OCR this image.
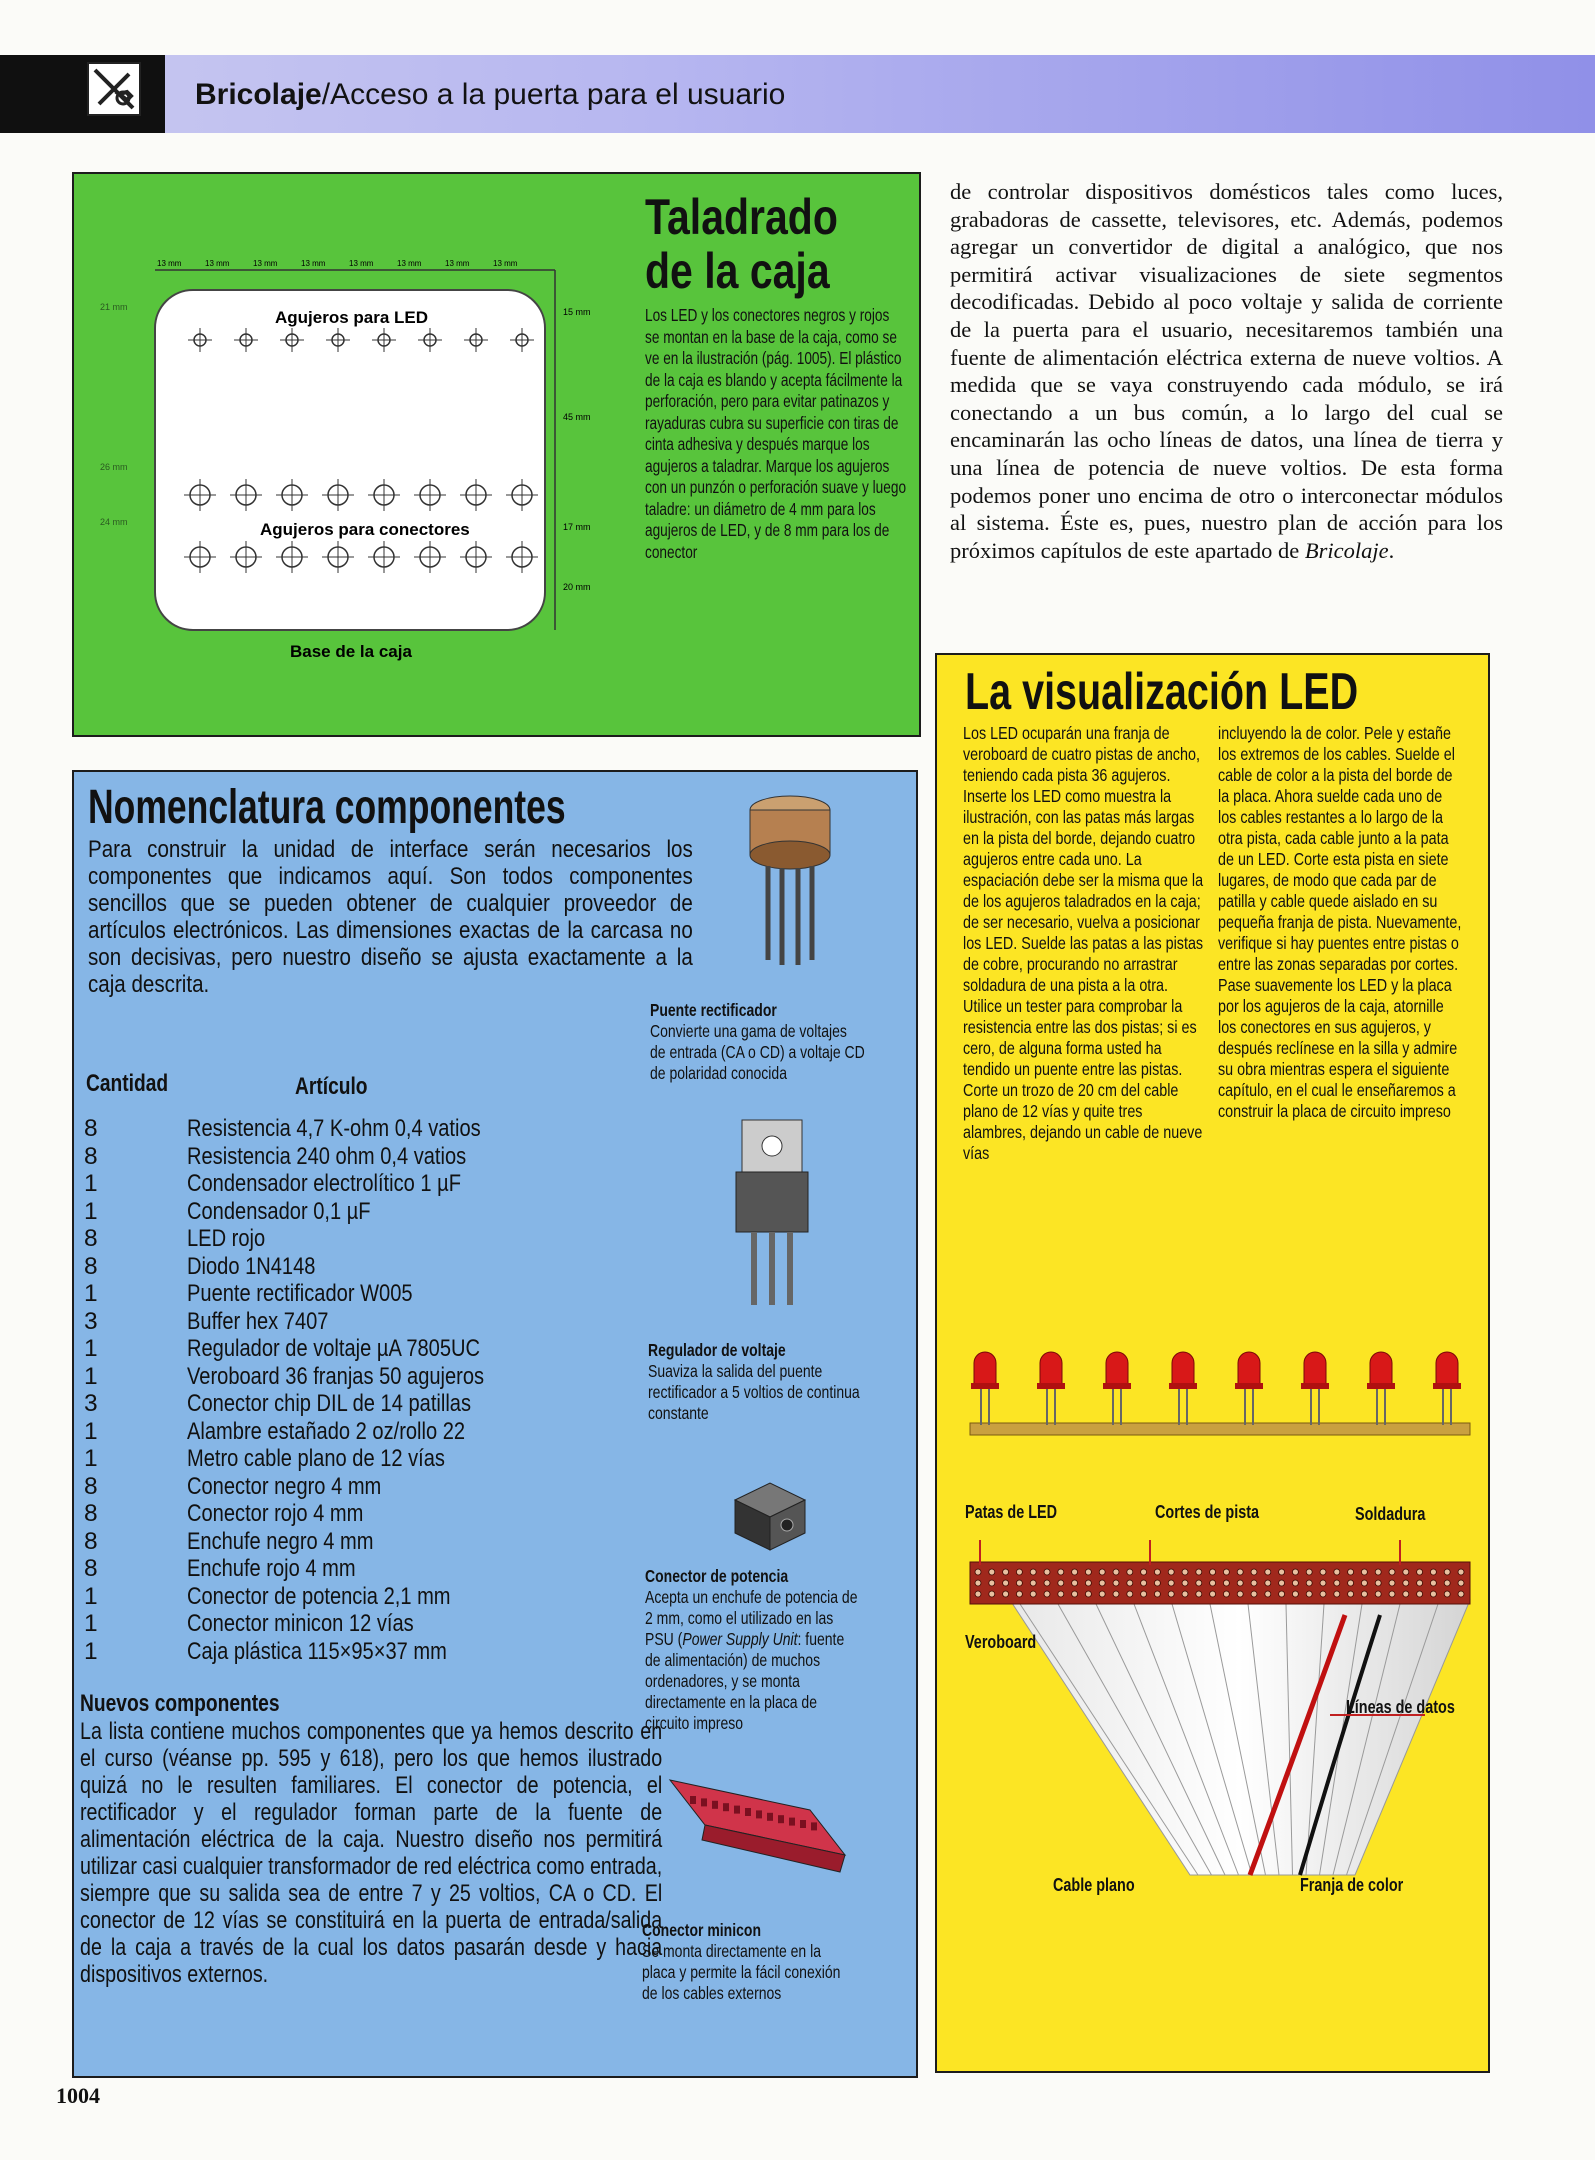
Bricolaje/Acceso a la puerta para el usuario
13 mm	13 mm	13 mm	13 mm	13 mm	13 mm	13 mm	13 mm
Agujeros para LED
Agujeros para conectores
15 mm
45 mm
17 mm
20 mm
21 mm
26 mm
24 mm
Base de la caja
Taladrado
de la caja
Los LED y los conectores negros y rojos se montan en la base de la caja, como se ve en la ilustración (pág. 1005). El plástico de la caja es blando y acepta fácilmente la perforación, pero para evitar patinazos y rayaduras cubra su superficie con tiras de cinta adhesiva y después marque los agujeros a taladrar. Marque los agujeros con un punzón o perforación suave y luego taladre: un diámetro de 4 mm para los agujeros de LED, y de 8 mm para los de conector
de controlar dispositivos domésticos tales como luces, grabadoras de cassette, televisores, etc. Además, podemos agregar un convertidor de digital a analógico, que nos permitirá activar visualizaciones de siete segmentos decodificadas. Debido al poco voltaje y salida de corriente de la puerta para el usuario, necesitaremos también una fuente de alimentación eléctrica externa de nueve voltios. A medida que se vaya construyendo cada módulo, se irá conectando a un bus común, a lo largo del cual se encaminarán las ocho líneas de datos, una línea de tierra y una línea de potencia de nueve voltios. De esta forma podemos poner uno encima de otro o interconectar módulos al sistema. Éste es, pues, nuestro plan de acción para los próximos capítulos de este apartado de Bricolaje.
Nomenclatura componentes
Para construir la unidad de interface serán necesarios los componentes que indicamos aquí. Son todos componentes sencillos que se pueden obtener de cualquier proveedor de artículos electrónicos. Las dimensiones exactas de la carcasa no son decisivas, pero nuestro diseño se ajusta exactamente a la caja descrita.
Cantidad	Artículo
8	Resistencia 4,7 K-ohm 0,4 vatios
8	Resistencia 240 ohm 0,4 vatios
1	Condensador electrolítico 1 µF
1	Condensador 0,1 µF
8	LED rojo
8	Diodo 1N4148
1	Puente rectificador W005
3	Buffer hex 7407
1	Regulador de voltaje µA 7805UC
1	Veroboard 36 franjas 50 agujeros
3	Conector chip DIL de 14 patillas
1	Alambre estañado 2 oz/rollo 22
1	Metro cable plano de 12 vías
8	Conector negro 4 mm
8	Conector rojo 4 mm
8	Enchufe negro 4 mm
8	Enchufe rojo 4 mm
1	Conector de potencia 2,1 mm
1	Conector minicon 12 vías
1	Caja plástica 115×95×37 mm
Nuevos componentes
La lista contiene muchos componentes que ya hemos descrito en el curso (véanse pp. 595 y 618), pero los que hemos ilustrado quizá no le resulten familiares. El conector de potencia, el rectificador y el regulador forman parte de la fuente de alimentación eléctrica de la caja. Nuestro diseño nos permitirá utilizar casi cualquier transformador de red eléctrica como entrada, siempre que su salida sea de entre 7 y 25 voltios, CA o CD. El conector de 12 vías se constituirá en la puerta de entrada/salida de la caja a través de la cual los datos pasarán desde y hacia dispositivos externos.
Puente rectificador
Convierte una gama de voltajes de entrada (CA o CD) a voltaje CD de polaridad conocida
Regulador de voltaje
Suaviza la salida del puente rectificador a 5 voltios de continua constante
Conector de potencia
Acepta un enchufe de potencia de 2 mm, como el utilizado en las PSU (Power Supply Unit: fuente de alimentación) de muchos ordenadores, y se monta directamente en la placa de circuito impreso
Conector minicon
Se monta directamente en la placa y permite la fácil conexión de los cables externos
La visualización LED
Los LED ocuparán una franja de veroboard de cuatro pistas de ancho, teniendo cada pista 36 agujeros. Inserte los LED como muestra la ilustración, con las patas más largas en la pista del borde, dejando cuatro agujeros entre cada uno. La espaciación debe ser la misma que la de los agujeros taladrados en la caja; de ser necesario, vuelva a posicionar los LED. Suelde las patas a las pistas de cobre, procurando no arrastrar soldadura de una pista a la otra. Utilice un tester para comprobar la resistencia entre las dos pistas; si es cero, de alguna forma usted ha tendido un puente entre las pistas. Corte un trozo de 20 cm del cable plano de 12 vías y quite tres alambres, dejando un cable de nueve vías
incluyendo la de color. Pele y estañe los extremos de los cables. Suelde el cable de color a la pista del borde de la placa. Ahora suelde cada uno de los cables restantes a lo largo de la otra pista, cada cable junto a la pata de un LED. Corte esta pista en siete lugares, de modo que cada par de patilla y cable quede aislado en su pequeña franja de pista. Nuevamente, verifique si hay puentes entre pistas o entre las zonas separadas por cortes.
Pase suavemente los LED y la placa por los agujeros de la caja, atornille los conectores en sus agujeros, y después reclínese en la silla y admire su obra mientras espera el siguiente capítulo, en el cual le enseñaremos a construir la placa de circuito impreso
Patas de LED	Cortes de pista	Soldadura
Veroboard
Líneas de datos
Cable plano	Franja de color
1004
